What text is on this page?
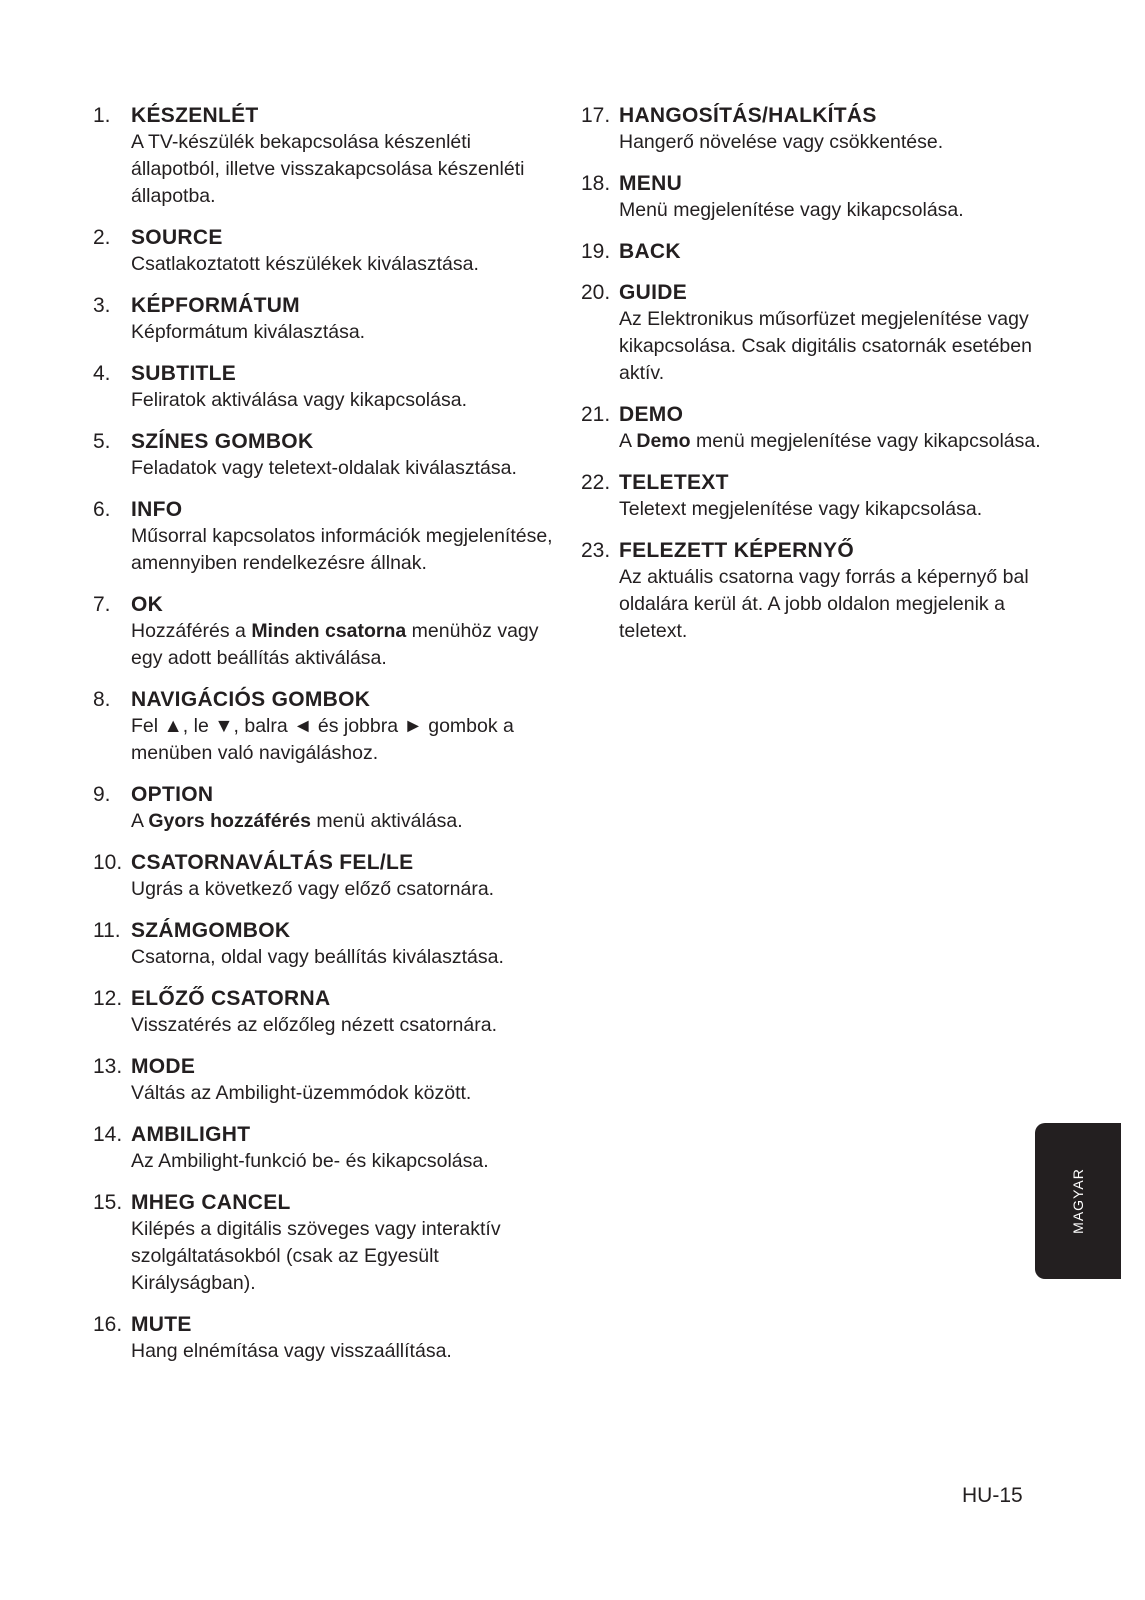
1. KÉSZENLÉT
A TV-készülék bekapcsolása készenléti állapotból, illetve visszakapcsolása készenléti állapotba.
2. SOURCE
Csatlakoztatott készülékek kiválasztása.
3. KÉPFORMÁTUM
Képformátum kiválasztása.
4. SUBTITLE
Feliratok aktiválása vagy kikapcsolása.
5. SZÍNES GOMBOK
Feladatok vagy teletext-oldalak kiválasztása.
6. INFO
Műsorral kapcsolatos információk megjelenítése, amennyiben rendelkezésre állnak.
7. OK
Hozzáférés a Minden csatorna menühöz vagy egy adott beállítás aktiválása.
8. NAVIGÁCIÓS GOMBOK
Fel ▲, le ▼, balra ◄ és jobbra ► gombok a menüben való navigáláshoz.
9. OPTION
A Gyors hozzáférés menü aktiválása.
10. CSATORNAVÁLTÁS FEL/LE
Ugrás a következő vagy előző csatornára.
11. SZÁMGOMBOK
Csatorna, oldal vagy beállítás kiválasztása.
12. ELŐZŐ CSATORNA
Visszatérés az előzőleg nézett csatornára.
13. MODE
Váltás az Ambilight-üzemmódok között.
14. AMBILIGHT
Az Ambilight-funkció be- és kikapcsolása.
15. MHEG CANCEL
Kilépés a digitális szöveges vagy interaktív szolgáltatásokból (csak az Egyesült Királyságban).
16. MUTE
Hang elnémítása vagy visszaállítása.
17. HANGOSÍTÁS/HALKÍTÁS
Hangerő növelése vagy csökkentése.
18. MENU
Menü megjelenítése vagy kikapcsolása.
19. BACK
20. GUIDE
Az Elektronikus műsorfüzet megjelenítése vagy kikapcsolása. Csak digitális csatornák esetében aktív.
21. DEMO
A Demo menü megjelenítése vagy kikapcsolása.
22. TELETEXT
Teletext megjelenítése vagy kikapcsolása.
23. FELEZETT KÉPERNYŐ
Az aktuális csatorna vagy forrás a képernyő bal oldalára kerül át. A jobb oldalon megjelenik a teletext.
MAGYAR
HU-15
